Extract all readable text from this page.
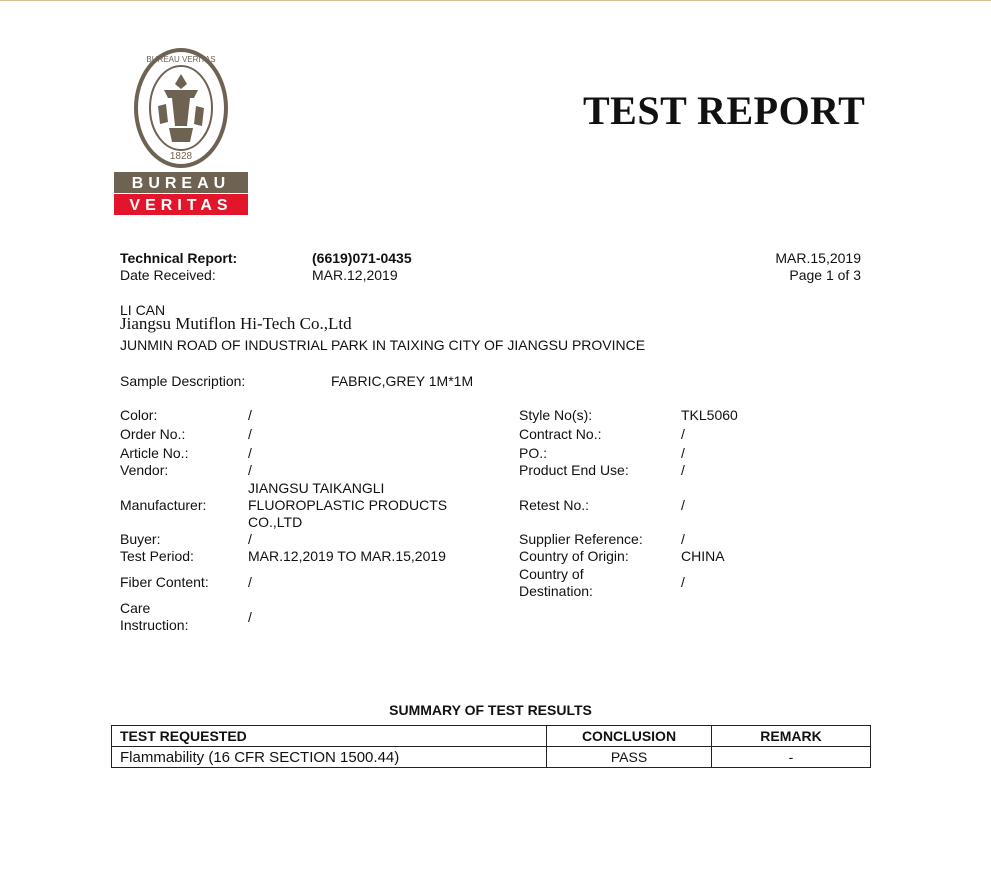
BUREAU VERITAS
1828
BUREAU
VERITAS
TEST REPORT
Technical Report:	(6619)071-0435
Date Received:	MAR.12,2019
MAR.15,2019
Page 1 of 3
LI CAN
Jiangsu Mutiflon Hi-Tech Co.,Ltd
JUNMIN ROAD OF INDUSTRIAL PARK IN TAIXING CITY OF JIANGSU PROVINCE
Sample Description:	FABRIC,GREY 1M*1M
Color:	/
Order No.:	/
Article No.:	/
Vendor:	/
JIANGSU TAIKANGLI
Manufacturer:	FLUOROPLASTIC PRODUCTS
CO.,LTD
Buyer:	/
Test Period:	MAR.12,2019 TO MAR.15,2019
Fiber Content:	/
Care
Instruction:	/
Style No(s):	TKL5060
Contract No.:	/
PO.:	/
Product End Use:	/
Retest No.:	/
Supplier Reference:	/
Country of Origin:	CHINA
Country of
Destination:
/
SUMMARY OF TEST RESULTS
TEST REQUESTED	CONCLUSION	REMARK
Flammability (16 CFR SECTION 1500.44)	PASS	-
